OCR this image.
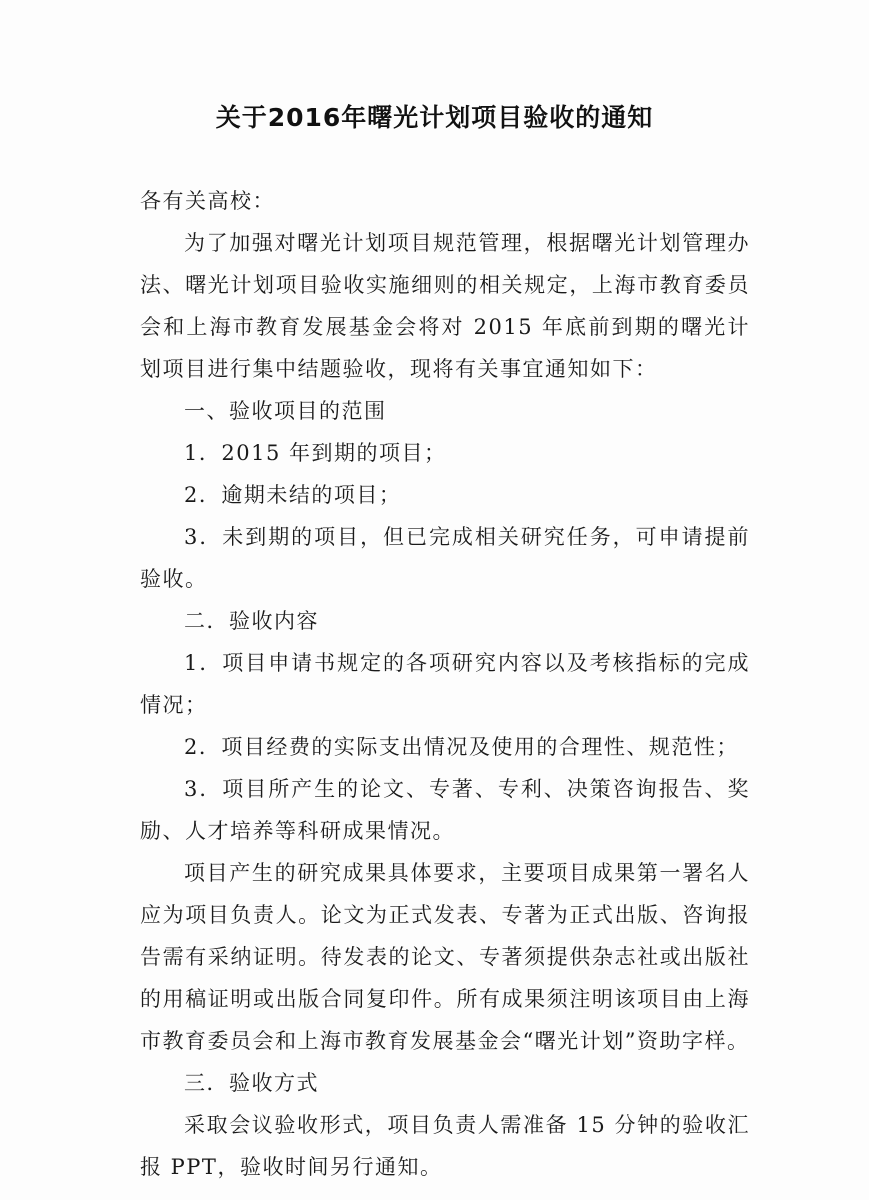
关于2016年曙光计划项目验收的通知

各有关高校：

为了加强对曙光计划项目规范管理，根据曙光计划管理办法、曙光计划项目验收实施细则的相关规定，上海市教育委员会和上海市教育发展基金会将对 2015 年底前到期的曙光计划项目进行集中结题验收，现将有关事宜通知如下：

一、验收项目的范围

1．2015 年到期的项目；

2．逾期未结的项目；

3．未到期的项目，但已完成相关研究任务，可申请提前验收。

二．验收内容

1．项目申请书规定的各项研究内容以及考核指标的完成情况；

2．项目经费的实际支出情况及使用的合理性、规范性；

3．项目所产生的论文、专著、专利、决策咨询报告、奖励、人才培养等科研成果情况。

项目产生的研究成果具体要求，主要项目成果第一署名人应为项目负责人。论文为正式发表、专著为正式出版、咨询报告需有采纳证明。待发表的论文、专著须提供杂志社或出版社的用稿证明或出版合同复印件。所有成果须注明该项目由上海市教育委员会和上海市教育发展基金会“曙光计划”资助字样。

三．验收方式

采取会议验收形式，项目负责人需准备 15 分钟的验收汇报 PPT，验收时间另行通知。
